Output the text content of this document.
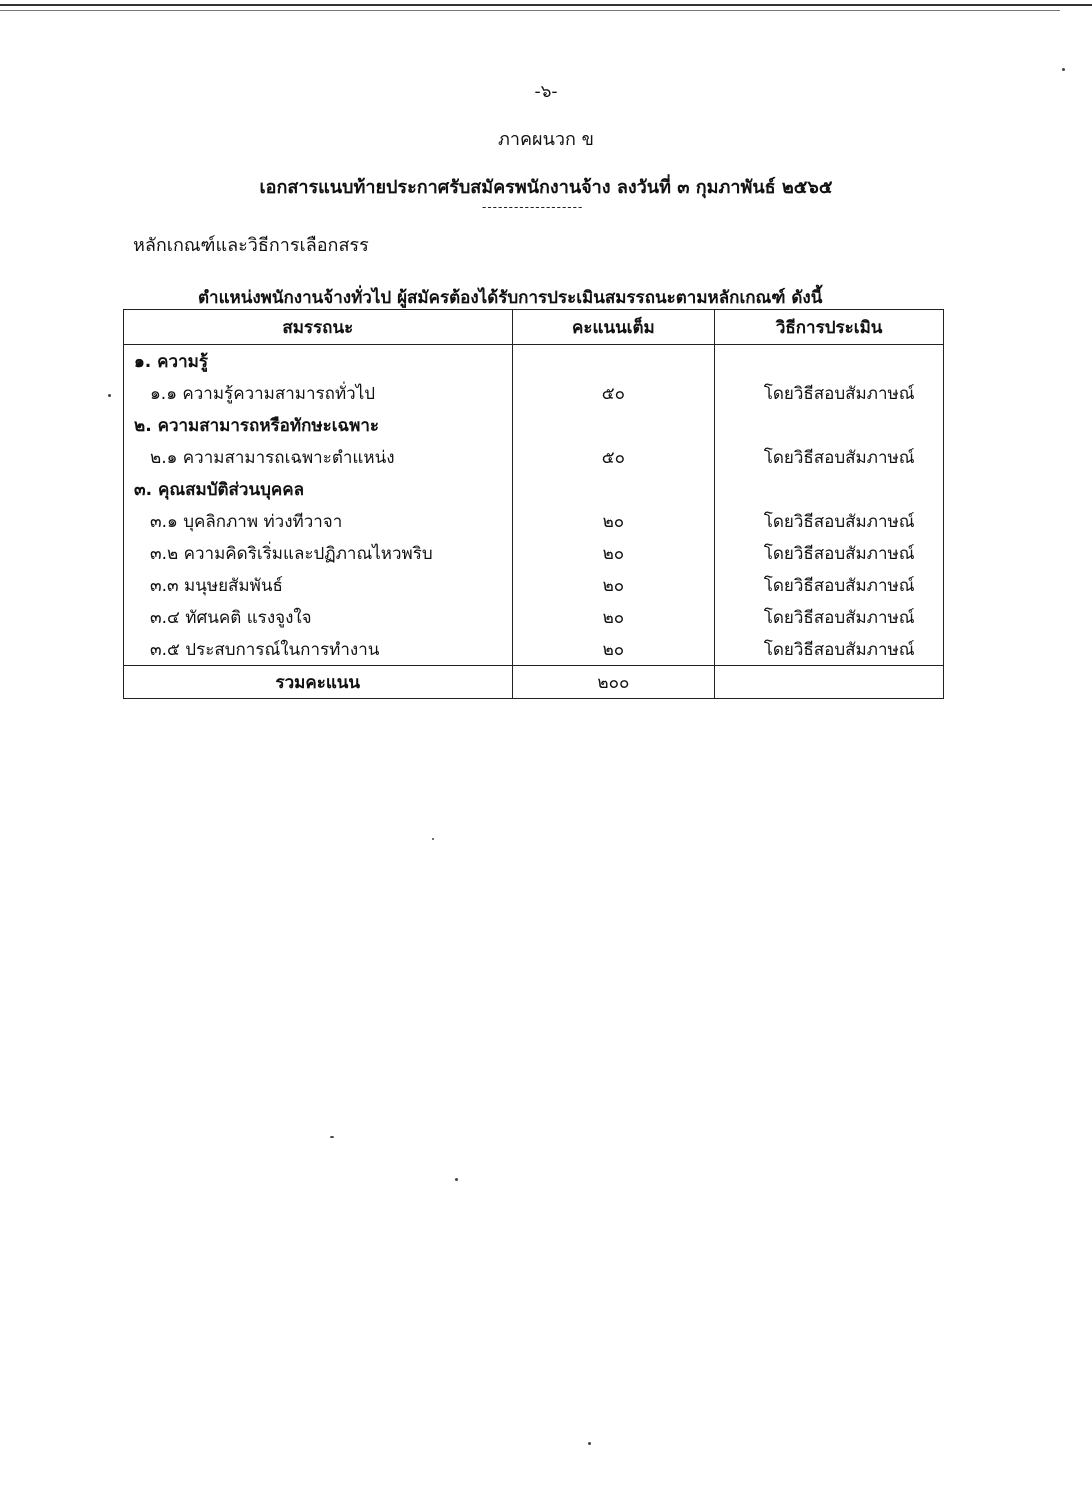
-๖-
ภาคผนวก ข
เอกสารแนบท้ายประกาศรับสมัครพนักงานจ้าง ลงวันที่ ๓ กุมภาพันธ์ ๒๕๖๕
-------------------
หลักเกณฑ์และวิธีการเลือกสรร
ตำแหน่งพนักงานจ้างทั่วไป ผู้สมัครต้องได้รับการประเมินสมรรถนะตามหลักเกณฑ์ ดังนี้
สมรรถนะ	คะแนนเต็ม	วิธีการประเมิน
๑. ความรู้		
๑.๑ ความรู้ความสามารถทั่วไป	๕๐	โดยวิธีสอบสัมภาษณ์
๒. ความสามารถหรือทักษะเฉพาะ		
๒.๑ ความสามารถเฉพาะตำแหน่ง	๕๐	โดยวิธีสอบสัมภาษณ์
๓. คุณสมบัติส่วนบุคคล		
๓.๑ บุคลิกภาพ ท่วงทีวาจา	๒๐	โดยวิธีสอบสัมภาษณ์
๓.๒ ความคิดริเริ่มและปฏิภาณไหวพริบ	๒๐	โดยวิธีสอบสัมภาษณ์
๓.๓ มนุษยสัมพันธ์	๒๐	โดยวิธีสอบสัมภาษณ์
๓.๔ ทัศนคติ แรงจูงใจ	๒๐	โดยวิธีสอบสัมภาษณ์
๓.๕ ประสบการณ์ในการทำงาน	๒๐	โดยวิธีสอบสัมภาษณ์
รวมคะแนน	๒๐๐	
